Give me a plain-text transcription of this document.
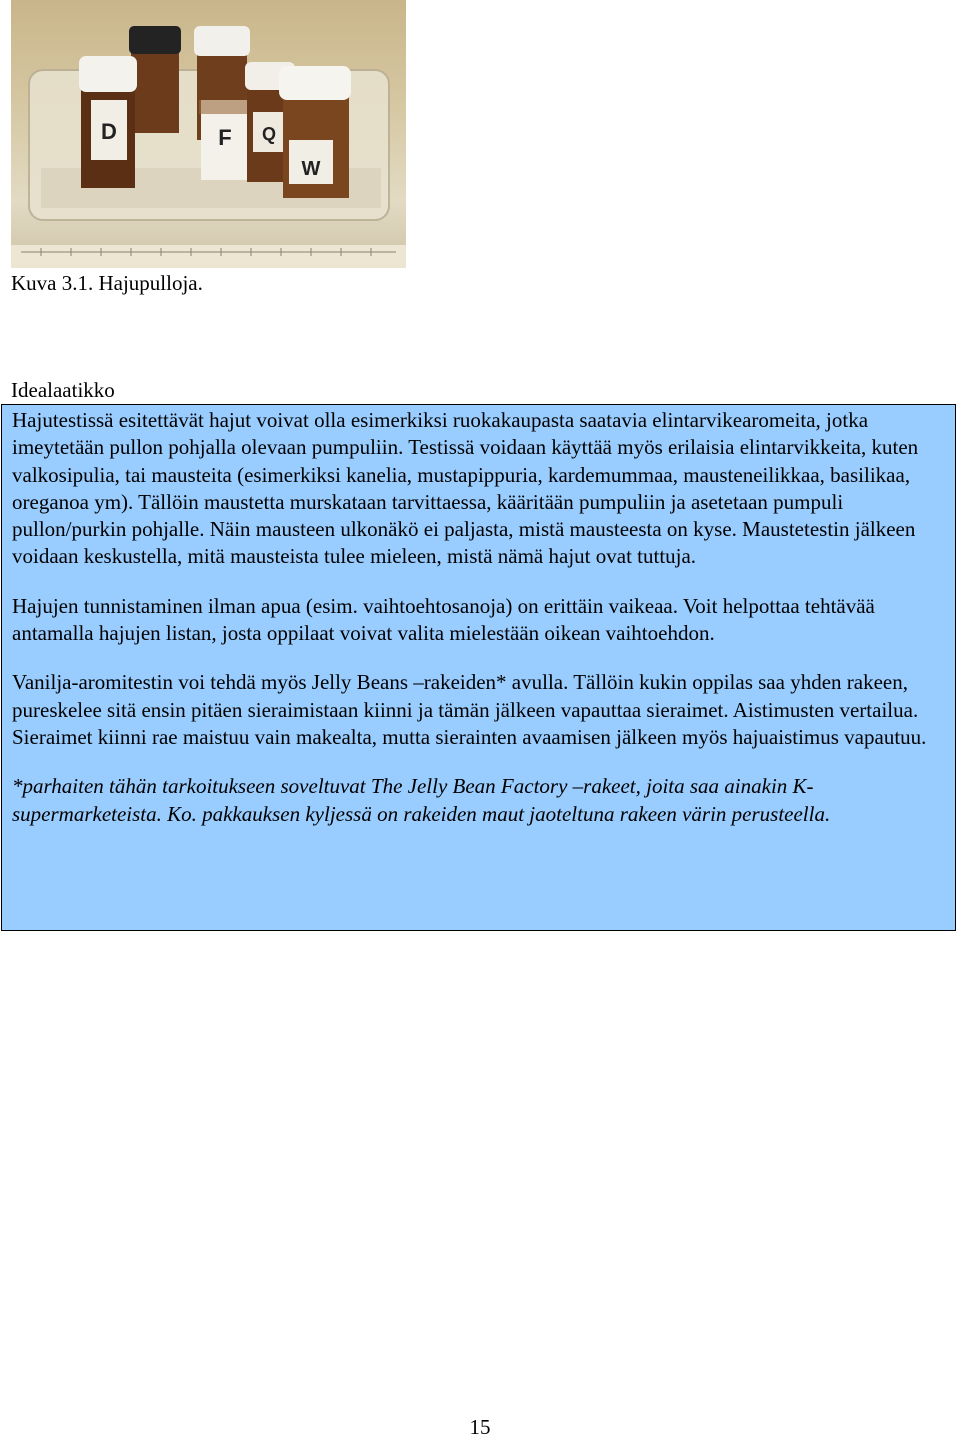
D	F Q
W
Kuva 3.1. Hajupulloja.
Idealaatikko

Hajutestissä esitettävät hajut voivat olla esimerkiksi ruokakaupasta saatavia elintarvikearomeita, jotka imeytetään pullon pohjalla olevaan pumpuliin. Testissä voidaan käyttää myös erilaisia elintarvikkeita, kuten valkosipulia, tai mausteita (esimerkiksi kanelia, mustapippuria, kardemummaa, mausteneilikkaa, basilikaa, oreganoa ym). Tällöin maustetta murskataan tarvittaessa, kääritään pumpuliin ja asetetaan pumpuli pullon/purkin pohjalle. Näin mausteen ulkonäkö ei paljasta, mistä mausteesta on kyse. Maustetestin jälkeen voidaan keskustella, mitä mausteista tulee mieleen, mistä nämä hajut ovat tuttuja.

Hajujen tunnistaminen ilman apua (esim. vaihtoehtosanoja) on erittäin vaikeaa. Voit helpottaa tehtävää antamalla hajujen listan, josta oppilaat voivat valita mielestään oikean vaihtoehdon.

Vanilja-aromitestin voi tehdä myös Jelly Beans –rakeiden* avulla. Tällöin kukin oppilas saa yhden rakeen, pureskelee sitä ensin pitäen sieraimistaan kiinni ja tämän jälkeen vapauttaa sieraimet. Aistimusten vertailua. Sieraimet kiinni rae maistuu vain makealta, mutta sierainten avaamisen jälkeen myös hajuaistimus vapautuu.

*parhaiten tähän tarkoitukseen soveltuvat The Jelly Bean Factory –rakeet, joita saa ainakin K-supermarketeista. Ko. pakkauksen kyljessä on rakeiden maut jaoteltuna rakeen värin perusteella.

15
